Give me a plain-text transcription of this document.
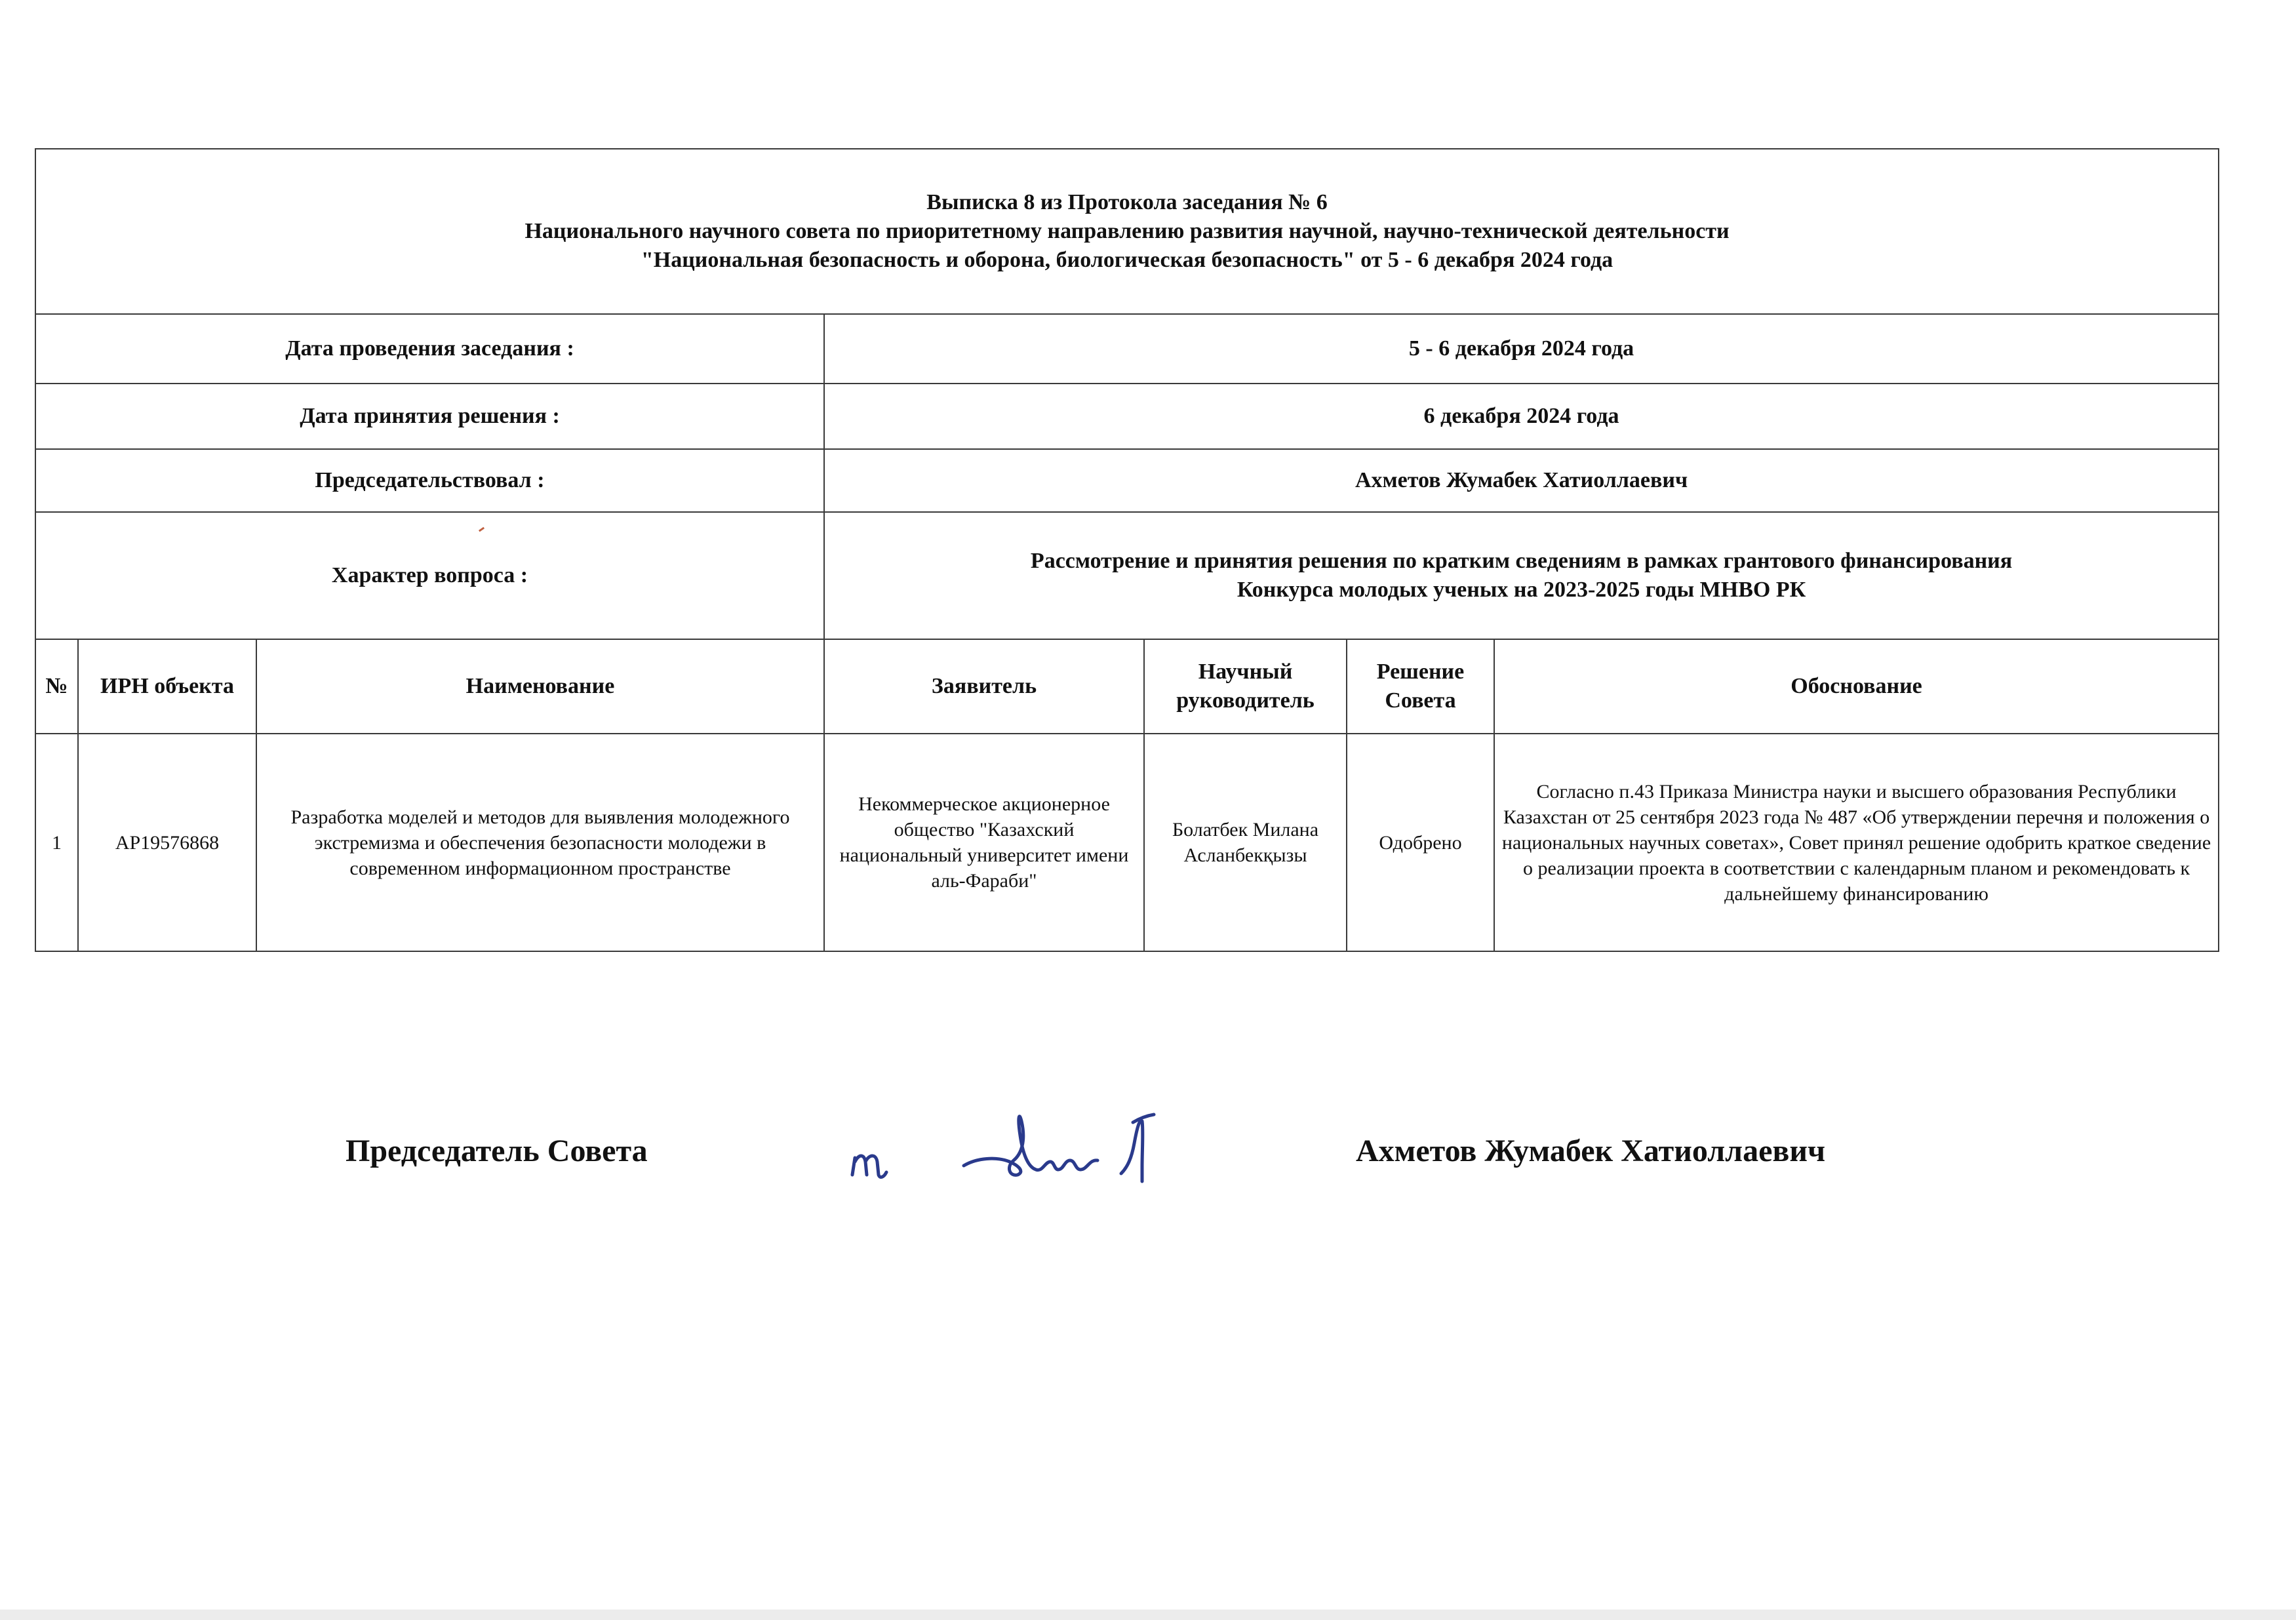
Выписка 8 из Протокола заседания № 6
Национального научного совета по приоритетному направлению развития научной, научно-технической деятельности
"Национальная безопасность и оборона, биологическая безопасность" от 5 - 6 декабря 2024 года						

Дата проведения заседания :			5 - 6 декабря 2024 года			
Дата принятия решения :			6 декабря 2024 года			
Председательствовал :			Ахметов Жумабек Хатиоллаевич			
Характер вопроса :			Рассмотрение и принятия решения по кратким сведениям в рамках грантового финансирования
Конкурса молодых ученых на 2023-2025 годы МНВО РК			

№	ИРН объекта	Наименование	Заявитель	Научный руководитель	Решение Совета	Обоснование
1	AP19576868	Разработка моделей и методов для выявления молодежного экстремизма и обеспечения безопасности молодежи в современном информационном пространстве	Некоммерческое акционерное общество "Казахский национальный университет имени аль-Фараби"	Болатбек Милана Асланбекқызы	Одобрено	Согласно п.43 Приказа Министра науки и высшего образования Республики Казахстан от 25 сентября 2023 года № 487 «Об утверждении перечня и положения о национальных научных советах», Совет принял решение одобрить краткое сведение о реализации проекта в соответствии с календарным планом и рекомендовать к дальнейшему финансированию
Председатель Совета	Ахметов Жумабек Хатиоллаевич
